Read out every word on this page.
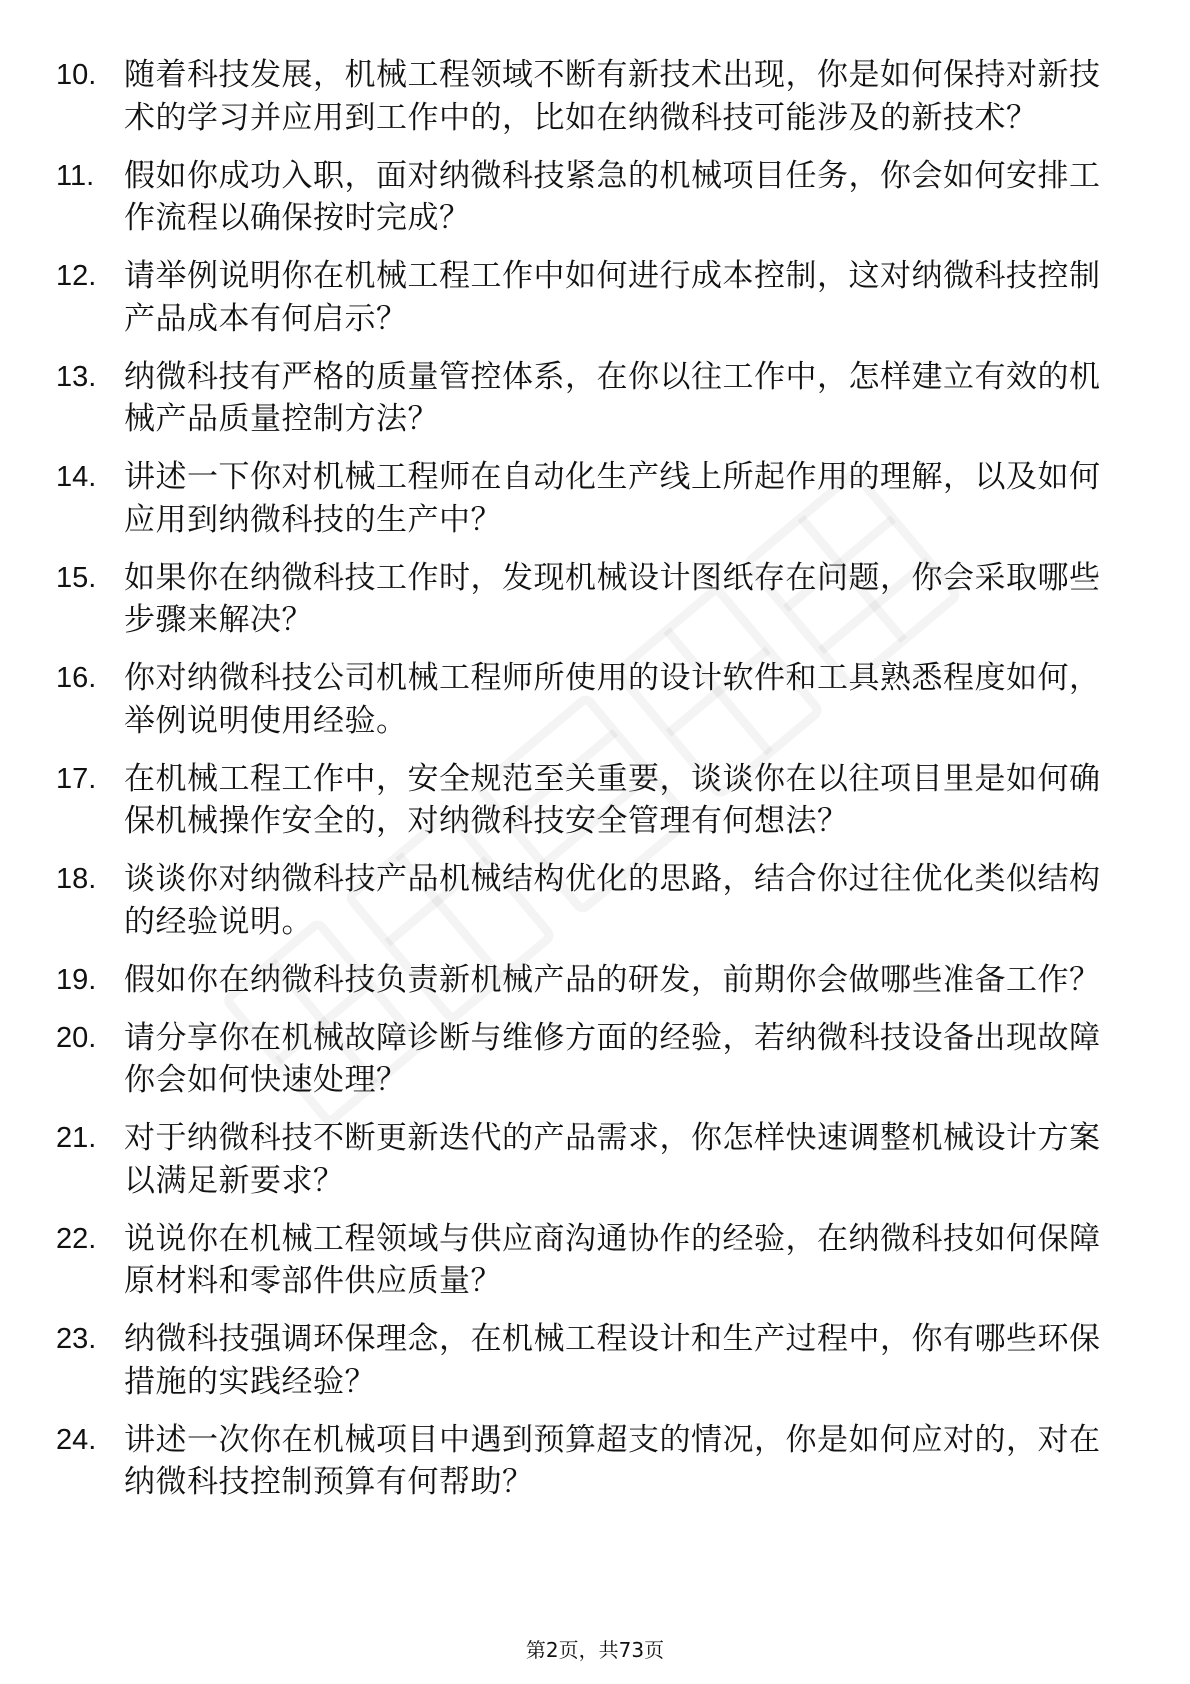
10. 随着科技发展，机械工程领域不断有新技术出现，你是如何保持对新技术的学习并应用到工作中的，比如在纳微科技可能涉及的新技术？
11. 假如你成功入职，面对纳微科技紧急的机械项目任务，你会如何安排工作流程以确保按时完成？
12. 请举例说明你在机械工程工作中如何进行成本控制，这对纳微科技控制产品成本有何启示？
13. 纳微科技有严格的质量管控体系，在你以往工作中，怎样建立有效的机械产品质量控制方法？
14. 讲述一下你对机械工程师在自动化生产线上所起作用的理解，以及如何应用到纳微科技的生产中？
15. 如果你在纳微科技工作时，发现机械设计图纸存在问题，你会采取哪些步骤来解决？
16. 你对纳微科技公司机械工程师所使用的设计软件和工具熟悉程度如何，举例说明使用经验。
17. 在机械工程工作中，安全规范至关重要，谈谈你在以往项目里是如何确保机械操作安全的，对纳微科技安全管理有何想法？
18. 谈谈你对纳微科技产品机械结构优化的思路，结合你过往优化类似结构的经验说明。
19. 假如你在纳微科技负责新机械产品的研发，前期你会做哪些准备工作？
20. 请分享你在机械故障诊断与维修方面的经验，若纳微科技设备出现故障你会如何快速处理？
21. 对于纳微科技不断更新迭代的产品需求，你怎样快速调整机械设计方案以满足新要求？
22. 说说你在机械工程领域与供应商沟通协作的经验，在纳微科技如何保障原材料和零部件供应质量？
23. 纳微科技强调环保理念，在机械工程设计和生产过程中，你有哪些环保措施的实践经验？
24. 讲述一次你在机械项目中遇到预算超支的情况，你是如何应对的，对在纳微科技控制预算有何帮助？
第2页，共73页
